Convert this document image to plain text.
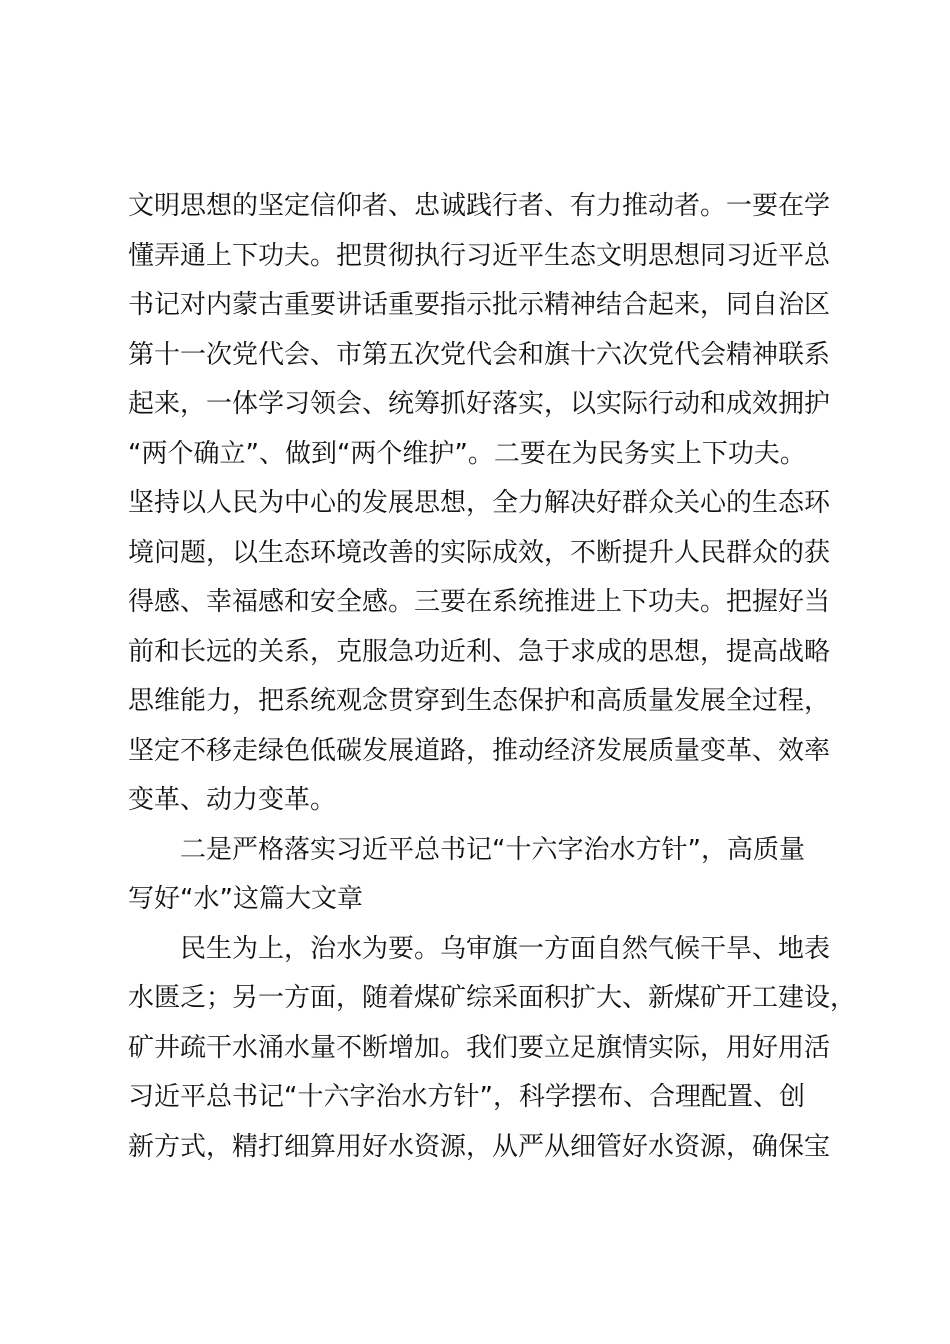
文明思想的坚定信仰者、忠诚践行者、有力推动者。一要在学
懂弄通上下功夫。把贯彻执行习近平生态文明思想同习近平总
书记对内蒙古重要讲话重要指示批示精神结合起来，同自治区
第十一次党代会、市第五次党代会和旗十六次党代会精神联系
起来，一体学习领会、统筹抓好落实，以实际行动和成效拥护
“两个确立”、做到“两个维护”。二要在为民务实上下功夫。
坚持以人民为中心的发展思想，全力解决好群众关心的生态环
境问题，以生态环境改善的实际成效，不断提升人民群众的获
得感、幸福感和安全感。三要在系统推进上下功夫。把握好当
前和长远的关系，克服急功近利、急于求成的思想，提高战略
思维能力，把系统观念贯穿到生态保护和高质量发展全过程，
坚定不移走绿色低碳发展道路，推动经济发展质量变革、效率
变革、动力变革。
二是严格落实习近平总书记“十六字治水方针”，高质量
写好“水”这篇大文章
民生为上，治水为要。乌审旗一方面自然气候干旱、地表
水匮乏；另一方面，随着煤矿综采面积扩大、新煤矿开工建设，
矿井疏干水涌水量不断增加。我们要立足旗情实际，用好用活
习近平总书记“十六字治水方针”，科学摆布、合理配置、创
新方式，精打细算用好水资源，从严从细管好水资源，确保宝
